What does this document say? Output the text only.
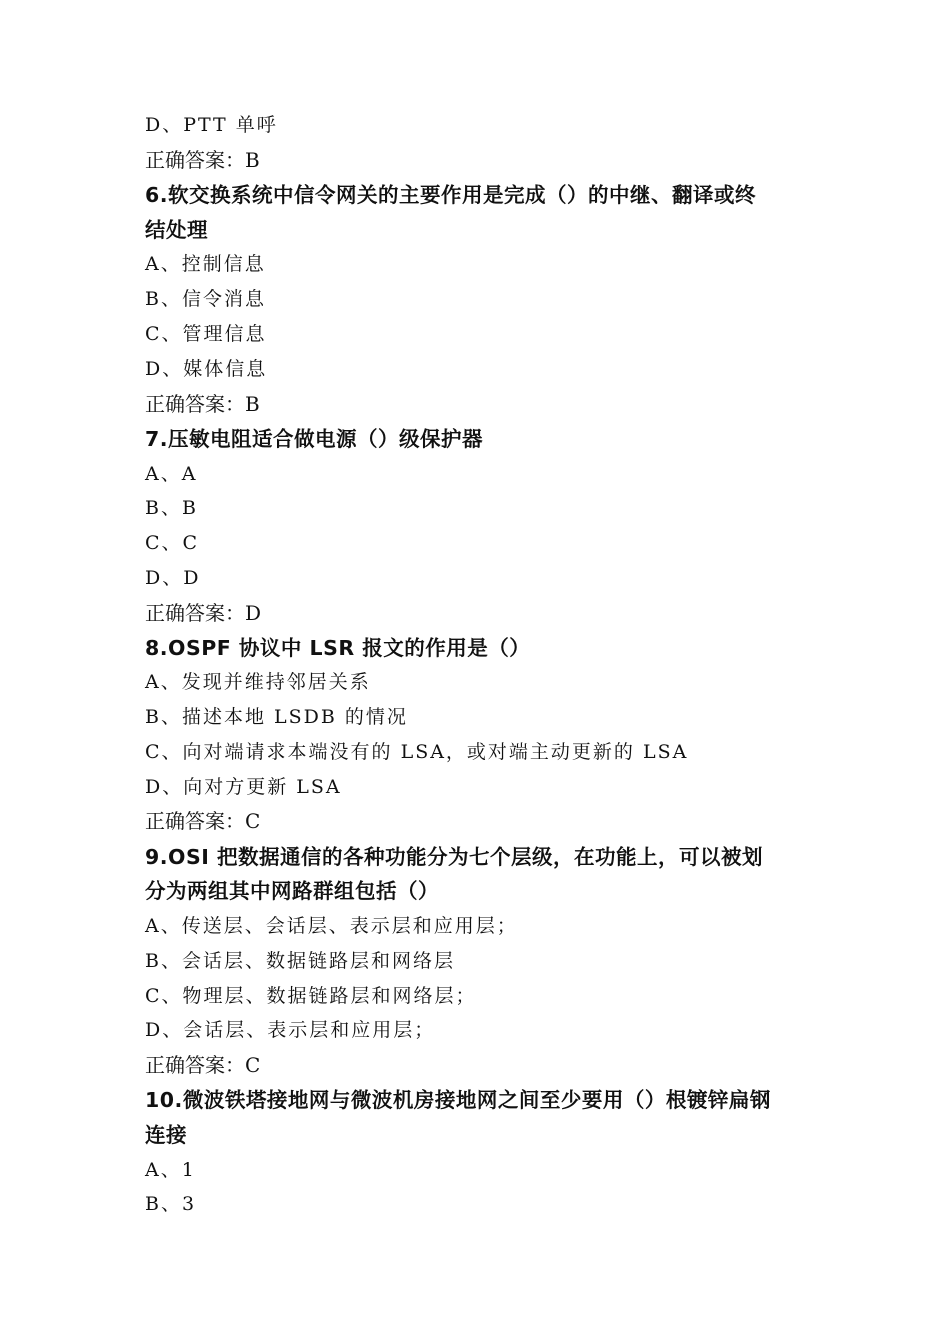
D、PTT 单呼
正确答案：B
6.软交换系统中信令网关的主要作用是完成（）的中继、翻译或终
结处理
A、控制信息
B、信令消息
C、管理信息
D、媒体信息
正确答案：B
7.压敏电阻适合做电源（）级保护器
A、A
B、B
C、C
D、D
正确答案：D
8.OSPF 协议中 LSR 报文的作用是（）
A、发现并维持邻居关系
B、描述本地 LSDB 的情况
C、向对端请求本端没有的 LSA，或对端主动更新的 LSA
D、向对方更新 LSA
正确答案：C
9.OSI 把数据通信的各种功能分为七个层级，在功能上，可以被划
分为两组其中网路群组包括（）
A、传送层、会话层、表示层和应用层；
B、会话层、数据链路层和网络层
C、物理层、数据链路层和网络层；
D、会话层、表示层和应用层；
正确答案：C
10.微波铁塔接地网与微波机房接地网之间至少要用（）根镀锌扁钢
连接
A、1
B、3
